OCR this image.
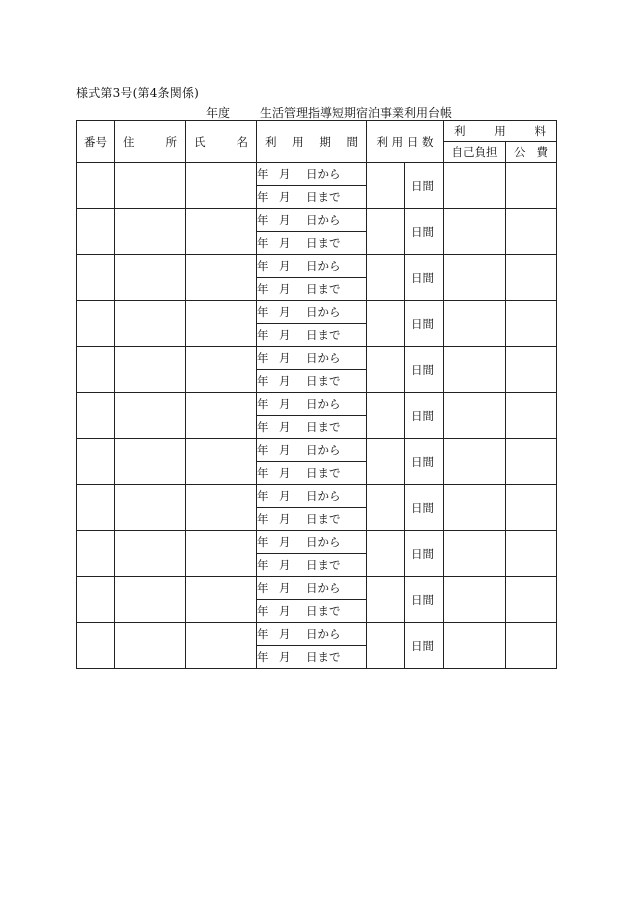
様式第3号(第4条関係)
年度	生活管理指導短期宿泊事業利用台帳
番号	住 所	氏 名	利 用 期 間	利 用 日 数		利 用 料	

						自己負担	公 費

			年 月 日から		日間		
			年 月 日まで				
			年 月 日から		日間		
			年 月 日まで				
			年 月 日から		日間		
			年 月 日まで				
			年 月 日から		日間		
			年 月 日まで				
			年 月 日から		日間		
			年 月 日まで				
			年 月 日から		日間		
			年 月 日まで				
			年 月 日から		日間		
			年 月 日まで				
			年 月 日から		日間		
			年 月 日まで				
			年 月 日から		日間		
			年 月 日まで				
			年 月 日から		日間		
			年 月 日まで				
			年 月 日から		日間		
			年 月 日まで				
